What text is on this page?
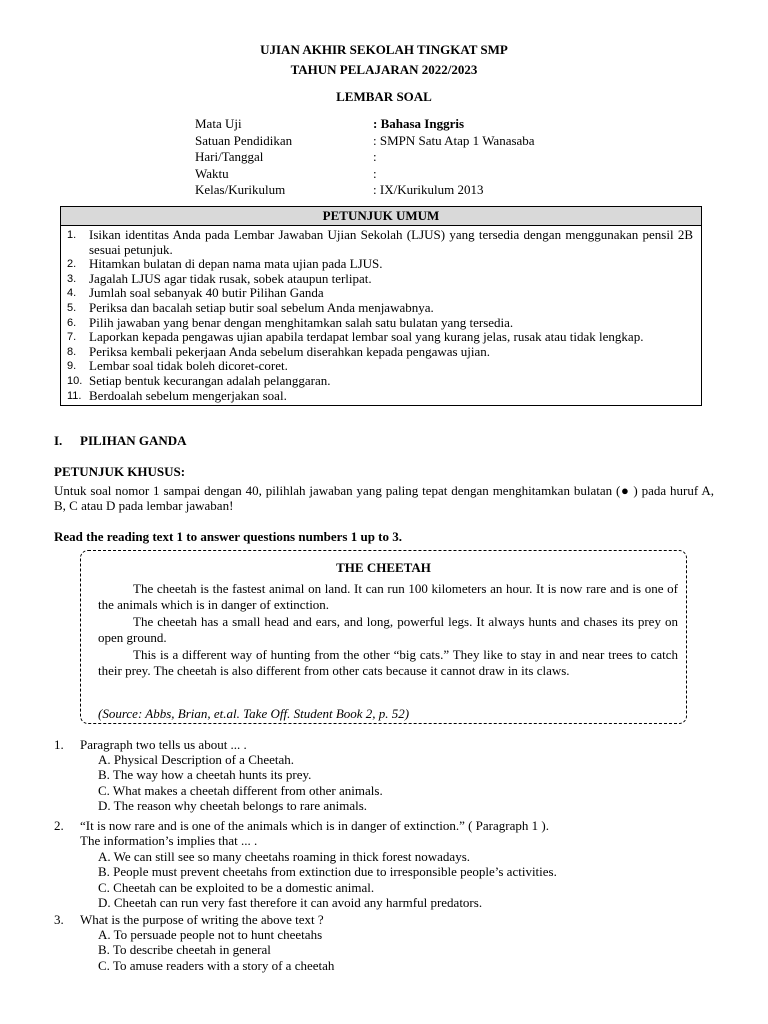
UJIAN AKHIR SEKOLAH TINGKAT SMP
TAHUN PELAJARAN 2022/2023
LEMBAR SOAL
Mata Uji	: Bahasa Inggris
Satuan Pendidikan	: SMPN Satu Atap 1 Wanasaba
Hari/Tanggal	:
Waktu	:
Kelas/Kurikulum	: IX/Kurikulum 2013
PETUNJUK UMUM
1. Isikan identitas Anda pada Lembar Jawaban Ujian Sekolah (LJUS) yang tersedia dengan menggunakan pensil 2B sesuai petunjuk.
2. Hitamkan bulatan di depan nama mata ujian pada LJUS.
3. Jagalah LJUS agar tidak rusak, sobek ataupun terlipat.
4. Jumlah soal sebanyak 40 butir Pilihan Ganda
5. Periksa dan bacalah setiap butir soal sebelum Anda menjawabnya.
6. Pilih jawaban yang benar dengan menghitamkan salah satu bulatan yang tersedia.
7. Laporkan kepada pengawas ujian apabila terdapat lembar soal yang kurang jelas, rusak atau tidak lengkap.
8. Periksa kembali pekerjaan Anda sebelum diserahkan kepada pengawas ujian.
9. Lembar soal tidak boleh dicoret-coret.
10. Setiap bentuk kecurangan adalah pelanggaran.
11. Berdoalah sebelum mengerjakan soal.
I. PILIHAN GANDA
PETUNJUK KHUSUS:
Untuk soal nomor 1 sampai dengan 40, pilihlah jawaban yang paling tepat dengan menghitamkan bulatan (● ) pada huruf A, B, C atau D pada lembar jawaban!
Read the reading text 1 to answer questions numbers 1 up to 3.
THE CHEETAH

The cheetah is the fastest animal on land. It can run 100 kilometers an hour. It is now rare and is one of the animals which is in danger of extinction.

The cheetah has a small head and ears, and long, powerful legs. It always hunts and chases its prey on open ground.

This is a different way of hunting from the other “big cats.” They like to stay in and near trees to catch their prey. The cheetah is also different from other cats because it cannot draw in its claws.

(Source: Abbs, Brian, et.al. Take Off. Student Book 2, p. 52)
1. Paragraph two tells us about ... .
A. Physical Description of a Cheetah.
B. The way how a cheetah hunts its prey.
C. What makes a cheetah different from other animals.
D. The reason why cheetah belongs to rare animals.
2. “It is now rare and is one of the animals which is in danger of extinction.” ( Paragraph 1 ).
The information’s implies that ... .
A. We can still see so many cheetahs roaming in thick forest nowadays.
B. People must prevent cheetahs from extinction due to irresponsible people’s activities.
C. Cheetah can be exploited to be a domestic animal.
D. Cheetah can run very fast therefore it can avoid any harmful predators.
3. What is the purpose of writing the above text ?
A. To persuade people not to hunt cheetahs
B. To describe cheetah in general
C. To amuse readers with a story of a cheetah
